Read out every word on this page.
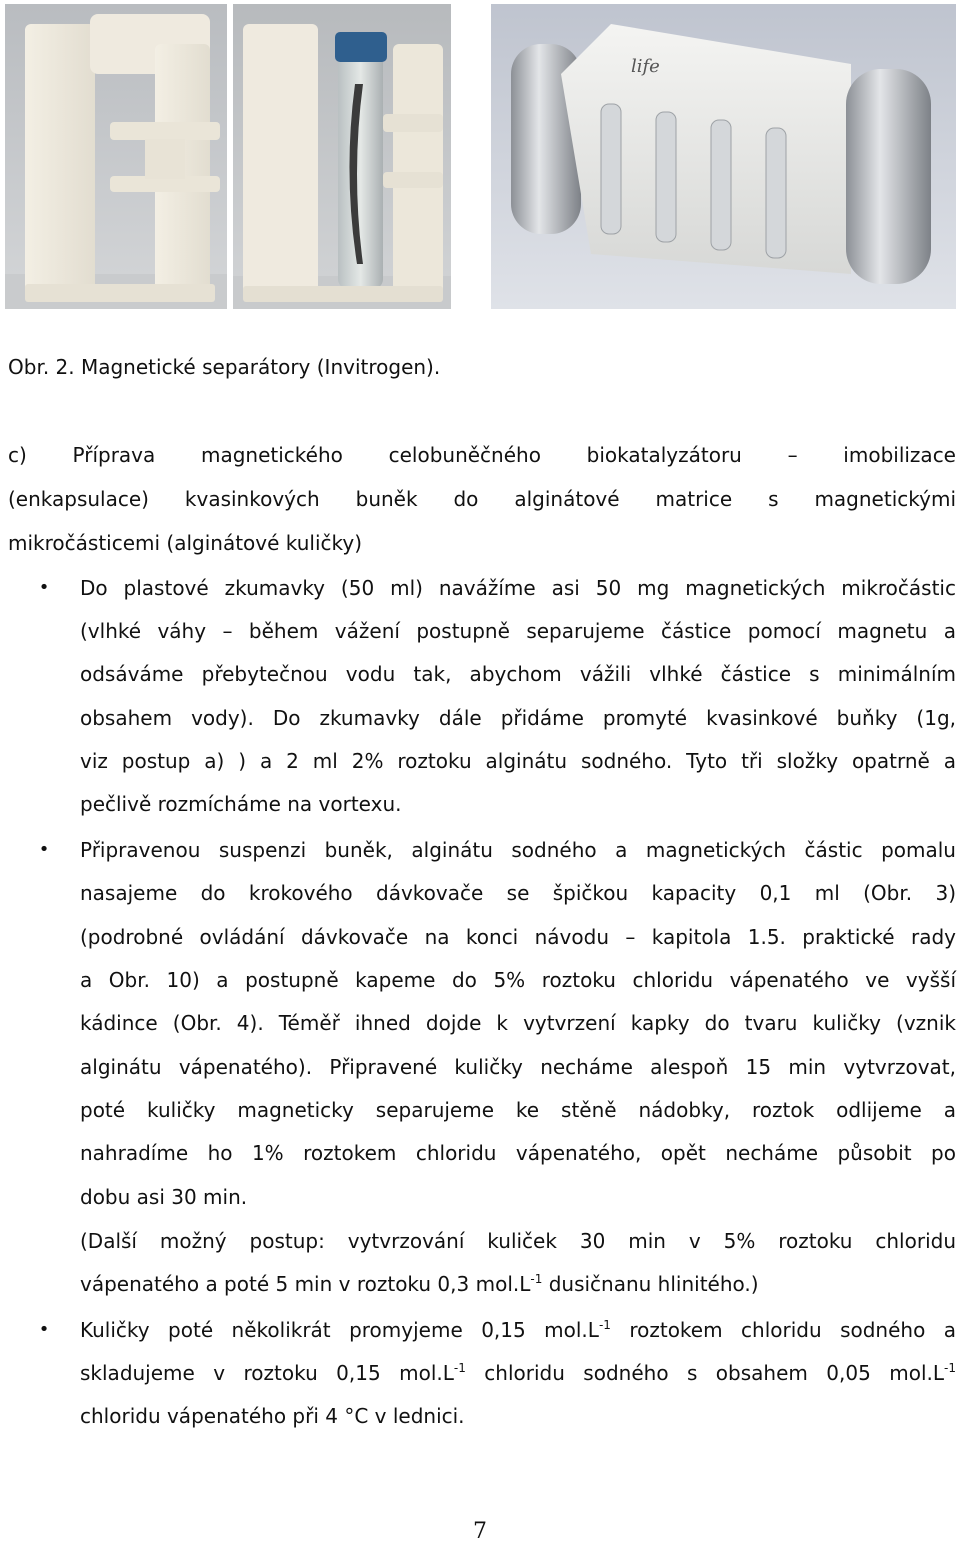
life
Obr. 2. Magnetické separátory (Invitrogen).
c) Příprava magnetického celobuněčného biokatalyzátoru – imobilizace
(enkapsulace) kvasinkových buněk do alginátové matrice s magnetickými
mikročásticemi (alginátové kuličky)
• Do plastové zkumavky (50 ml) navážíme asi 50 mg magnetických mikročástic
(vlhké váhy – během vážení postupně separujeme částice pomocí magnetu a
odsáváme přebytečnou vodu tak, abychom vážili vlhké částice s minimálním
obsahem vody). Do zkumavky dále přidáme promyté kvasinkové buňky (1g,
viz postup a) ) a 2 ml 2% roztoku alginátu sodného. Tyto tři složky opatrně a
pečlivě rozmícháme na vortexu.
• Připravenou suspenzi buněk, alginátu sodného a magnetických částic pomalu
nasajeme do krokového dávkovače se špičkou kapacity 0,1 ml (Obr. 3)
(podrobné ovládání dávkovače na konci návodu – kapitola 1.5. praktické rady
a Obr. 10) a postupně kapeme do 5% roztoku chloridu vápenatého ve vyšší
kádince (Obr. 4). Téměř ihned dojde k vytvrzení kapky do tvaru kuličky (vznik
alginátu vápenatého). Připravené kuličky necháme alespoň 15 min vytvrzovat,
poté kuličky magneticky separujeme ke stěně nádobky, roztok odlijeme a
nahradíme ho 1% roztokem chloridu vápenatého, opět necháme působit po
dobu asi 30 min.
(Další možný postup: vytvrzování kuliček 30 min v 5% roztoku chloridu
vápenatého a poté 5 min v roztoku 0,3 $mol.L^{-1}$ dusičnanu hlinitého.)
• Kuličky poté několikrát promyjeme 0,15 $mol.L^{-1}$ roztokem chloridu sodného a
skladujeme v roztoku 0,15 $mol.L^{-1}$ chloridu sodného s obsahem 0,05 $mol.L^{-1}$
chloridu vápenatého při 4 °C v lednici.
7
